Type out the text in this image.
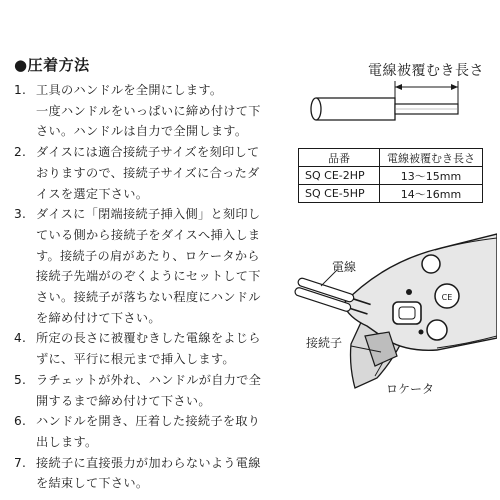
●圧着方法
1. 工具のハンドルを全開にします。
一度ハンドルをいっぱいに締め付けて下
さい。ハンドルは自力で全開します。
2. ダイスには適合接続子サイズを刻印して
おりますので、接続子サイズに合ったダ
イスを選定下さい。
3. ダイスに「閉端接続子挿入側」と刻印し
ている側から接続子をダイスへ挿入しま
す。接続子の肩があたり、ロケータから
接続子先端がのぞくようにセットして下
さい。接続子が落ちない程度にハンドル
を締め付けて下さい。
4. 所定の長さに被覆むきした電線をよじら
ずに、平行に根元まで挿入します。
5. ラチェットが外れ、ハンドルが自力で全
開するまで締め付けて下さい。
6. ハンドルを開き、圧着した接続子を取り
出します。
7. 接続子に直接張力が加わらないよう電線
を結束して下さい。
電線被覆むき長さ
品番	電線被覆むき長さ
SQ CE-2HP	13～15mm
SQ CE-5HP	14～16mm
CE
電線
接続子
ロケータ
